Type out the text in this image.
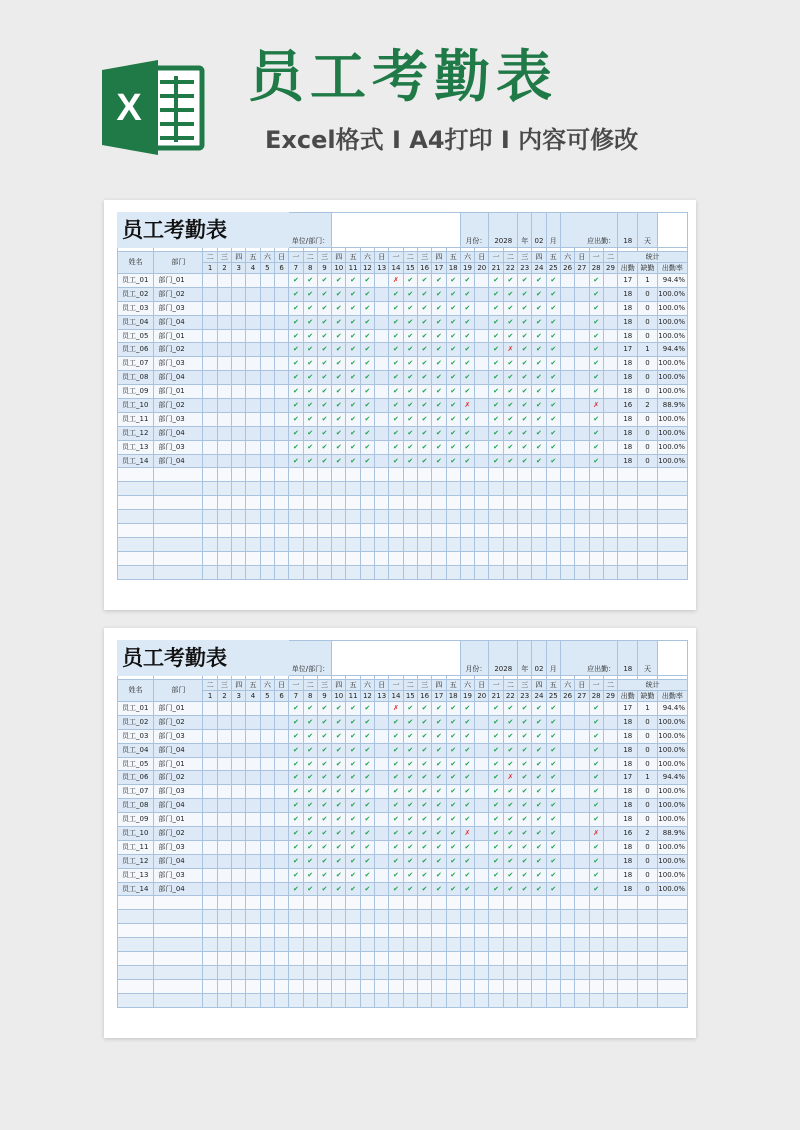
X 员工考勤表
Excel格式 I A4打印 I 内容可修改
员工考勤表								单位/部门：												月份：		2028		年	02	月	应出勤：				18	天	

姓名	部门	二	三	四	五	六	日	一	二	三	四	五	六	日	一	二	三	四	五	六	日	一	二	三	四	五	六	日	一	二	统计		
		1	2	3	4	5	6	7	8	9	10	11	12	13	14	15	16	17	18	19	20	21	22	23	24	25	26	27	28	29	出勤	缺勤	出勤率
员工_01	部门_01							✔	✔	✔	✔	✔	✔		✗	✔	✔	✔	✔	✔		✔	✔	✔	✔	✔			✔		17	1	94.4%
员工_02	部门_02							✔	✔	✔	✔	✔	✔		✔	✔	✔	✔	✔	✔		✔	✔	✔	✔	✔			✔		18	0	100.0%
员工_03	部门_03							✔	✔	✔	✔	✔	✔		✔	✔	✔	✔	✔	✔		✔	✔	✔	✔	✔			✔		18	0	100.0%
员工_04	部门_04							✔	✔	✔	✔	✔	✔		✔	✔	✔	✔	✔	✔		✔	✔	✔	✔	✔			✔		18	0	100.0%
员工_05	部门_01							✔	✔	✔	✔	✔	✔		✔	✔	✔	✔	✔	✔		✔	✔	✔	✔	✔			✔		18	0	100.0%
员工_06	部门_02							✔	✔	✔	✔	✔	✔		✔	✔	✔	✔	✔	✔		✔	✗	✔	✔	✔			✔		17	1	94.4%
员工_07	部门_03							✔	✔	✔	✔	✔	✔		✔	✔	✔	✔	✔	✔		✔	✔	✔	✔	✔			✔		18	0	100.0%
员工_08	部门_04							✔	✔	✔	✔	✔	✔		✔	✔	✔	✔	✔	✔		✔	✔	✔	✔	✔			✔		18	0	100.0%
员工_09	部门_01							✔	✔	✔	✔	✔	✔		✔	✔	✔	✔	✔	✔		✔	✔	✔	✔	✔			✔		18	0	100.0%
员工_10	部门_02							✔	✔	✔	✔	✔	✔		✔	✔	✔	✔	✔	✗		✔	✔	✔	✔	✔			✗		16	2	88.9%
员工_11	部门_03							✔	✔	✔	✔	✔	✔		✔	✔	✔	✔	✔	✔		✔	✔	✔	✔	✔			✔		18	0	100.0%
员工_12	部门_04							✔	✔	✔	✔	✔	✔		✔	✔	✔	✔	✔	✔		✔	✔	✔	✔	✔			✔		18	0	100.0%
员工_13	部门_03							✔	✔	✔	✔	✔	✔		✔	✔	✔	✔	✔	✔		✔	✔	✔	✔	✔			✔		18	0	100.0%
员工_14	部门_04							✔	✔	✔	✔	✔	✔		✔	✔	✔	✔	✔	✔		✔	✔	✔	✔	✔			✔		18	0	100.0%

员工考勤表								单位/部门：												月份：		2028		年	02	月	应出勤：				18	天	

姓名	部门	二	三	四	五	六	日	一	二	三	四	五	六	日	一	二	三	四	五	六	日	一	二	三	四	五	六	日	一	二	统计		
		1	2	3	4	5	6	7	8	9	10	11	12	13	14	15	16	17	18	19	20	21	22	23	24	25	26	27	28	29	出勤	缺勤	出勤率
员工_01	部门_01							✔	✔	✔	✔	✔	✔		✗	✔	✔	✔	✔	✔		✔	✔	✔	✔	✔			✔		17	1	94.4%
员工_02	部门_02							✔	✔	✔	✔	✔	✔		✔	✔	✔	✔	✔	✔		✔	✔	✔	✔	✔			✔		18	0	100.0%
员工_03	部门_03							✔	✔	✔	✔	✔	✔		✔	✔	✔	✔	✔	✔		✔	✔	✔	✔	✔			✔		18	0	100.0%
员工_04	部门_04							✔	✔	✔	✔	✔	✔		✔	✔	✔	✔	✔	✔		✔	✔	✔	✔	✔			✔		18	0	100.0%
员工_05	部门_01							✔	✔	✔	✔	✔	✔		✔	✔	✔	✔	✔	✔		✔	✔	✔	✔	✔			✔		18	0	100.0%
员工_06	部门_02							✔	✔	✔	✔	✔	✔		✔	✔	✔	✔	✔	✔		✔	✗	✔	✔	✔			✔		17	1	94.4%
员工_07	部门_03							✔	✔	✔	✔	✔	✔		✔	✔	✔	✔	✔	✔		✔	✔	✔	✔	✔			✔		18	0	100.0%
员工_08	部门_04							✔	✔	✔	✔	✔	✔		✔	✔	✔	✔	✔	✔		✔	✔	✔	✔	✔			✔		18	0	100.0%
员工_09	部门_01							✔	✔	✔	✔	✔	✔		✔	✔	✔	✔	✔	✔		✔	✔	✔	✔	✔			✔		18	0	100.0%
员工_10	部门_02							✔	✔	✔	✔	✔	✔		✔	✔	✔	✔	✔	✗		✔	✔	✔	✔	✔			✗		16	2	88.9%
员工_11	部门_03							✔	✔	✔	✔	✔	✔		✔	✔	✔	✔	✔	✔		✔	✔	✔	✔	✔			✔		18	0	100.0%
员工_12	部门_04							✔	✔	✔	✔	✔	✔		✔	✔	✔	✔	✔	✔		✔	✔	✔	✔	✔			✔		18	0	100.0%
员工_13	部门_03							✔	✔	✔	✔	✔	✔		✔	✔	✔	✔	✔	✔		✔	✔	✔	✔	✔			✔		18	0	100.0%
员工_14	部门_04							✔	✔	✔	✔	✔	✔		✔	✔	✔	✔	✔	✔		✔	✔	✔	✔	✔			✔		18	0	100.0%
